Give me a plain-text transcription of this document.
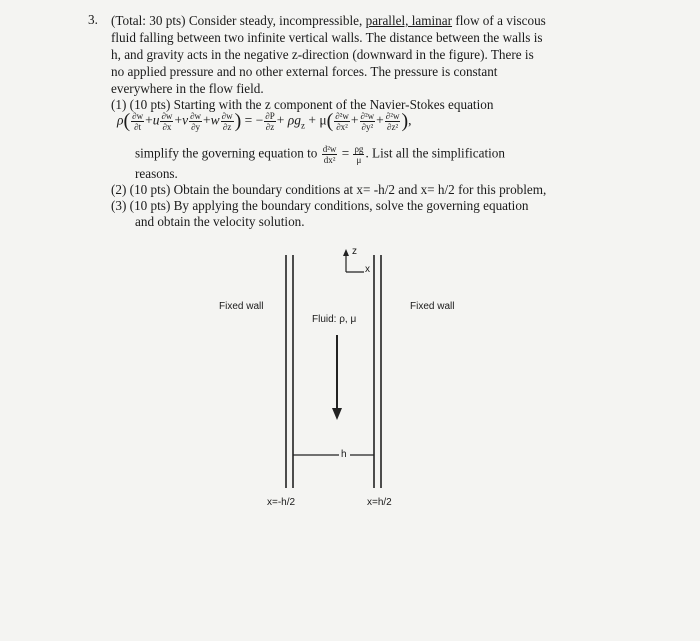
3. (Total: 30 pts) Consider steady, incompressible, parallel, laminar flow of a viscous
fluid falling between two infinite vertical walls. The distance between the walls is
h, and gravity acts in the negative z-direction (downward in the figure). There is
no applied pressure and no other external forces. The pressure is constant
everywhere in the flow field.
(1) (10 pts) Starting with the z component of the Navier-Stokes equation
$\rho( \frac{\partial w}{\partial t} +u \frac{\partial w}{\partial x} +v \frac{\partial w}{\partial y} +w \frac{\partial w}{\partial z}$ ) = − $\frac{\partial P}{\partial z} + \rho g_z + \mu( \frac{\text{∂²w}}{\text{∂x²}} + \frac{\text{∂²w}}{\text{∂y²}} + \frac{\text{∂²w}}{\text{∂z²}}$ ),
simplify the governing equation to $\frac{\text{d²w}}{\text{dx²}} = \frac{\rho g}{\mu}$ . List all the simplification
reasons.
(2) (10 pts) Obtain the boundary conditions at x= -h/2 and x= h/2 for this problem,
(3) (10 pts) By applying the boundary conditions, solve the governing equation
and obtain the velocity solution.
z
x
Fixed wall	Fixed wall
Fluid: ρ, μ
h
x=-h/2	x=h/2
